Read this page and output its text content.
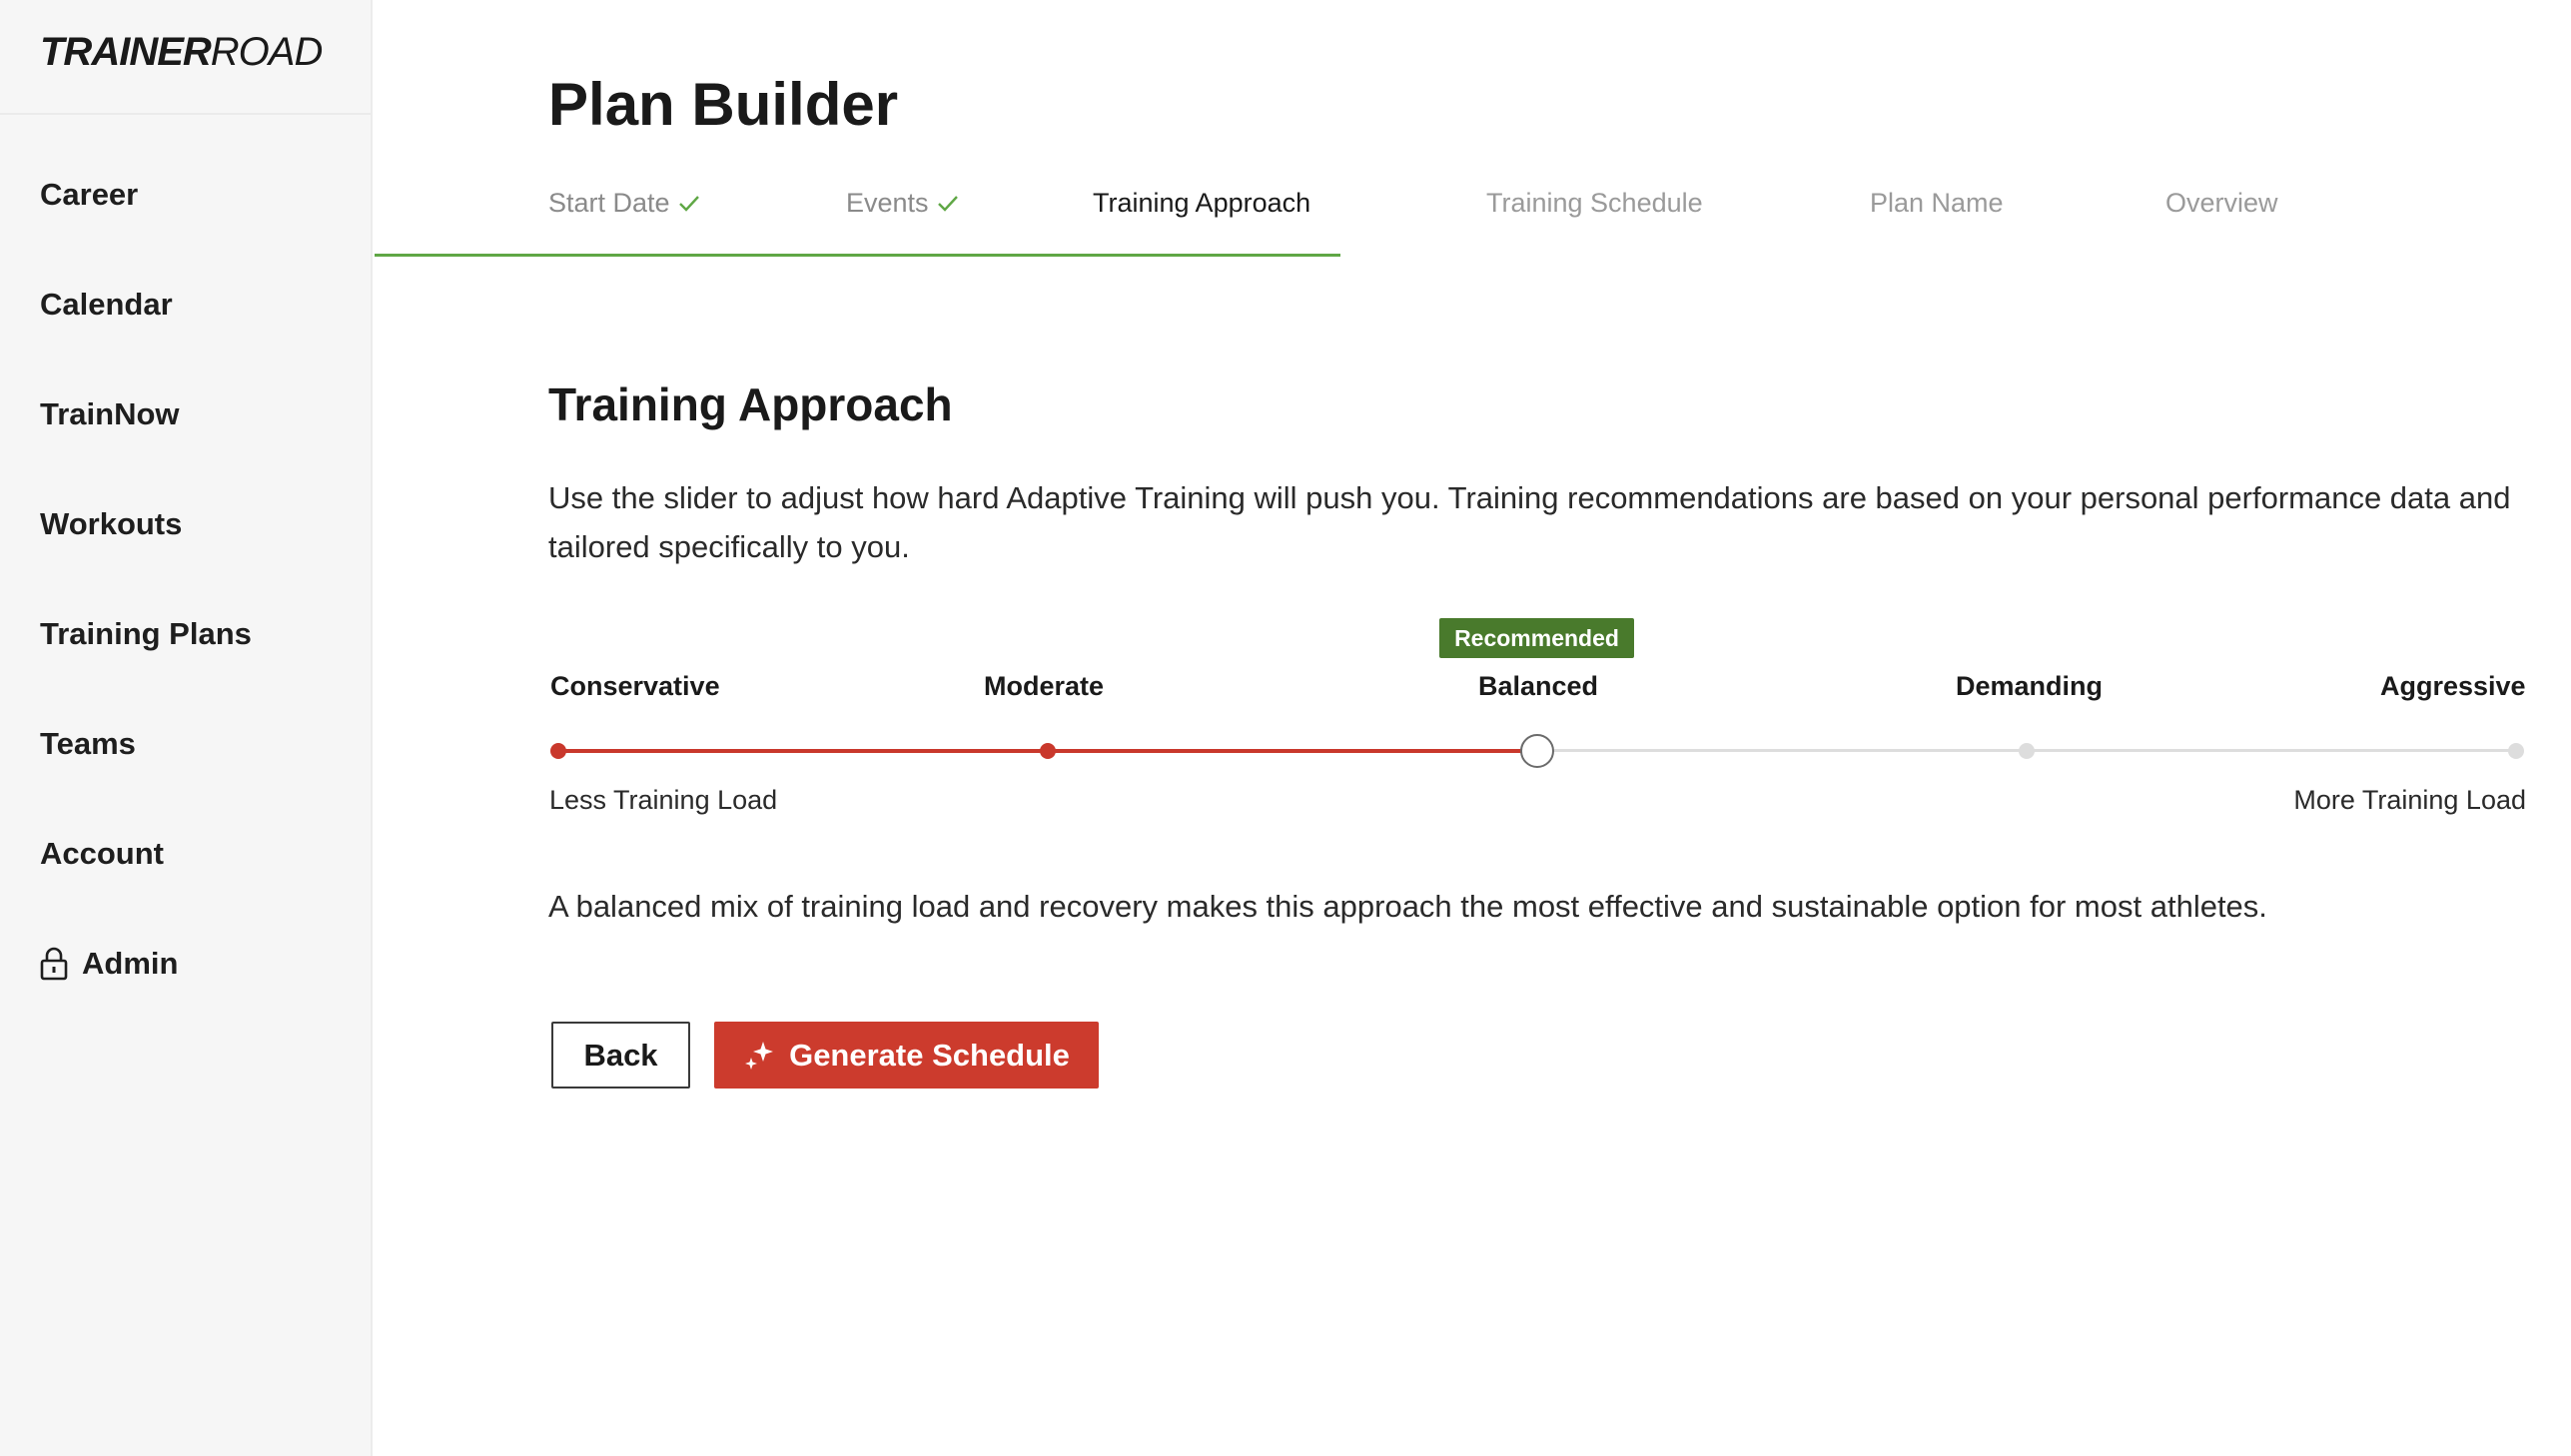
TRAINERROAD
Career
Calendar
TrainNow
Workouts
Training Plans
Teams
Account
Admin
Plan Builder
Start Date	Events	Training Approach	Training Schedule	Plan Name	Overview
Training Approach

Use the slider to adjust how hard Adaptive Training will push you. Training recommendations are based on your personal performance data and tailored specifically to you.

Recommended
Conservative	Moderate	Balanced	Demanding	Aggressive
Less Training Load	More Training Load

A balanced mix of training load and recovery makes this approach the most effective and sustainable option for most athletes.

Back	Generate Schedule
